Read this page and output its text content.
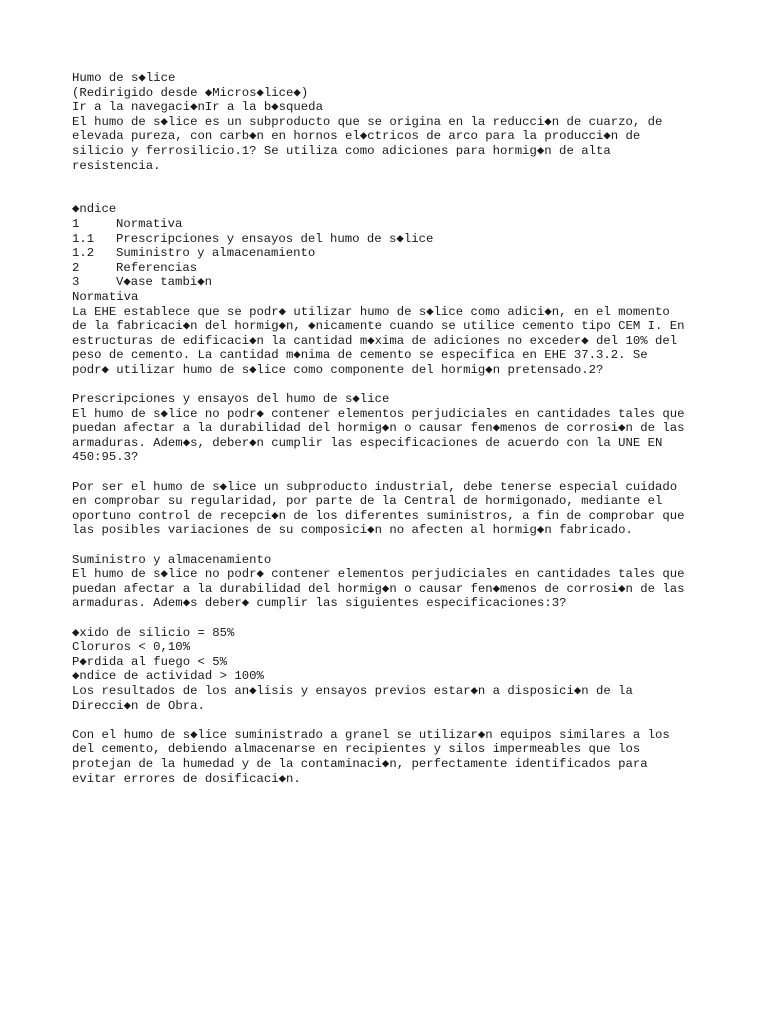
Humo de s◆lice
(Redirigido desde ◆Micros◆lice◆)
Ir a la navegaci◆nIr a la b◆squeda
El humo de s◆lice es un subproducto que se origina en la reducci◆n de cuarzo, de
elevada pureza, con carb◆n en hornos el◆ctricos de arco para la producci◆n de
silicio y ferrosilicio.1? Se utiliza como adiciones para hormig◆n de alta
resistencia.
◆ndice
1	Normativa
1.1	Prescripciones y ensayos del humo de s◆lice
1.2	Suministro y almacenamiento
2	Referencias
3	V◆ase tambi◆n
Normativa
La EHE establece que se podr◆ utilizar humo de s◆lice como adici◆n, en el momento
de la fabricaci◆n del hormig◆n, ◆nicamente cuando se utilice cemento tipo CEM I. En
estructuras de edificaci◆n la cantidad m◆xima de adiciones no exceder◆ del 10% del
peso de cemento. La cantidad m◆nima de cemento se especifica en EHE 37.3.2. Se
podr◆ utilizar humo de s◆lice como componente del hormig◆n pretensado.2?
Prescripciones y ensayos del humo de s◆lice
El humo de s◆lice no podr◆ contener elementos perjudiciales en cantidades tales que
puedan afectar a la durabilidad del hormig◆n o causar fen◆menos de corrosi◆n de las
armaduras. Adem◆s, deber◆n cumplir las especificaciones de acuerdo con la UNE EN
450:95.3?
Por ser el humo de s◆lice un subproducto industrial, debe tenerse especial cuidado
en comprobar su regularidad, por parte de la Central de hormigonado, mediante el
oportuno control de recepci◆n de los diferentes suministros, a fin de comprobar que
las posibles variaciones de su composici◆n no afecten al hormig◆n fabricado.
Suministro y almacenamiento
El humo de s◆lice no podr◆ contener elementos perjudiciales en cantidades tales que
puedan afectar a la durabilidad del hormig◆n o causar fen◆menos de corrosi◆n de las
armaduras. Adem◆s deber◆ cumplir las siguientes especificaciones:3?
◆xido de silicio = 85%
Cloruros < 0,10%
P◆rdida al fuego < 5%
◆ndice de actividad > 100%
Los resultados de los an◆lisis y ensayos previos estar◆n a disposici◆n de la
Direcci◆n de Obra.
Con el humo de s◆lice suministrado a granel se utilizar◆n equipos similares a los
del cemento, debiendo almacenarse en recipientes y silos impermeables que los
protejan de la humedad y de la contaminaci◆n, perfectamente identificados para
evitar errores de dosificaci◆n.
